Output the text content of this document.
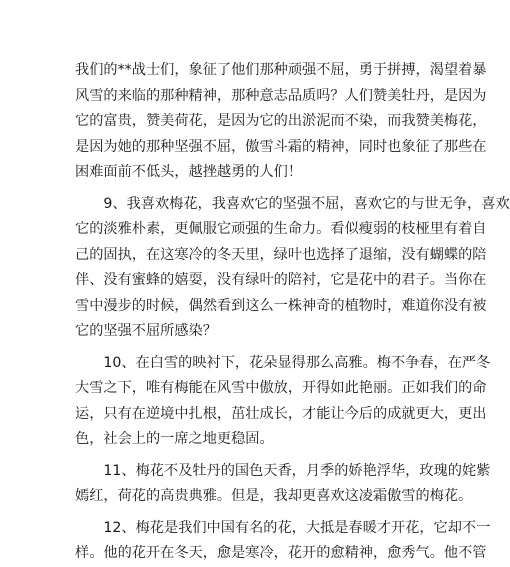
我们的**战士们，象征了他们那种顽强不屈，勇于拼搏，渴望着暴
风雪的来临的那种精神，那种意志品质吗？人们赞美牡丹，是因为
它的富贵，赞美荷花，是因为它的出淤泥而不染，而我赞美梅花，
是因为她的那种坚强不屈，傲雪斗霜的精神，同时也象征了那些在
困难面前不低头，越挫越勇的人们！

　　9、我喜欢梅花，我喜欢它的坚强不屈，喜欢它的与世无争，喜欢
它的淡雅朴素，更佩服它顽强的生命力。看似瘦弱的枝桠里有着自
己的固执，在这寒冷的冬天里，绿叶也选择了退缩，没有蝴蝶的陪
伴、没有蜜蜂的嬉耍，没有绿叶的陪衬，它是花中的君子。当你在
雪中漫步的时候，偶然看到这么一株神奇的植物时，难道你没有被
它的坚强不屈所感染？

　　10、在白雪的映衬下，花朵显得那么高雅。梅不争春，在严冬
大雪之下，唯有梅能在风雪中傲放，开得如此艳丽。正如我们的命
运，只有在逆境中扎根，茁壮成长，才能让今后的成就更大，更出
色，社会上的一席之地更稳固。

　　11、梅花不及牡丹的国色天香，月季的娇艳浮华，玫瑰的姹紫
嫣红，荷花的高贵典雅。但是，我却更喜欢这凌霜傲雪的梅花。

　　12、梅花是我们中国有名的花，大抵是春暖才开花，它却不一
样。他的花开在冬天，愈是寒冷，花开的愈精神，愈秀气。他不管
